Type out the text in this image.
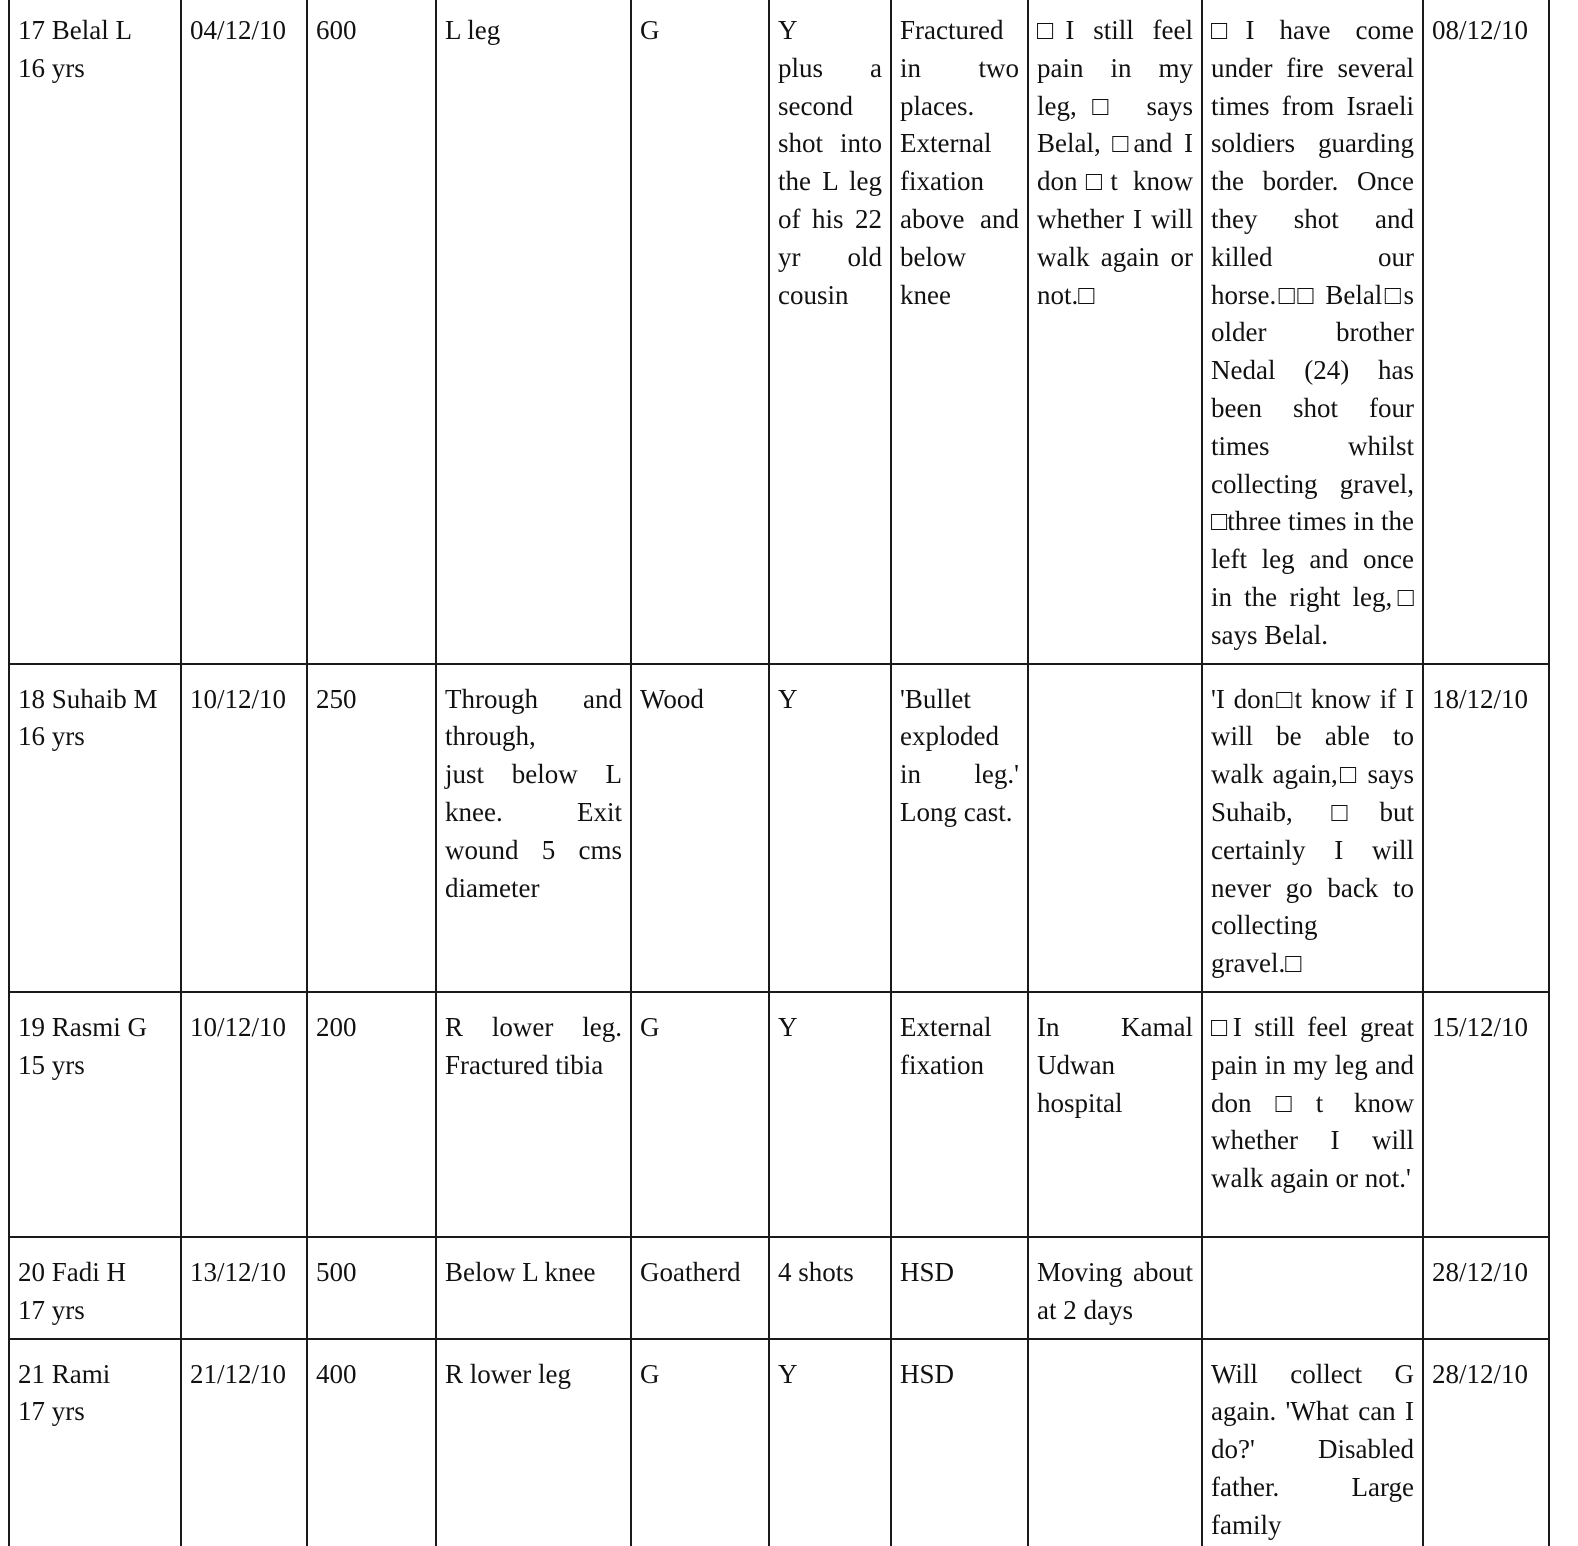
17 Belal L
16 yrs	04/12/10	600	L leg	G	Y
plus a second shot into the L leg of his 22 yr old cousin	Fractured in two places. External fixation above and below knee	□I still feel pain in my leg,□ says Belal, □and I don□t know whether I will walk again or not.□	□I have come under fire several times from Israeli soldiers guarding the border. Once they shot and killed our horse.□□ Belal□s older brother Nedal (24) has been shot four times whilst collecting gravel, □three times in the left leg and once in the right leg,□ says Belal.	08/12/10
18 Suhaib M
16 yrs	10/12/10	250	Through and through,
just below L knee. Exit wound 5 cms diameter	Wood	Y	'Bullet exploded in leg.' Long cast.		'I don□t know if I will be able to walk again,□ says Suhaib, □but certainly I will never go back to collecting gravel.□	18/12/10
19 Rasmi G
15 yrs	10/12/10	200	R lower leg. Fractured tibia	G	Y	External fixation	In Kamal Udwan hospital	□I still feel great pain in my leg and don□t know whether I will walk again or not.'	15/12/10
20 Fadi H
17 yrs	13/12/10	500	Below L knee	Goatherd	4 shots	HSD	Moving about at 2 days		28/12/10
21 Rami
17 yrs	21/12/10	400	R lower leg	G	Y	HSD		Will collect G again. 'What can I do?' Disabled father. Large family	28/12/10
